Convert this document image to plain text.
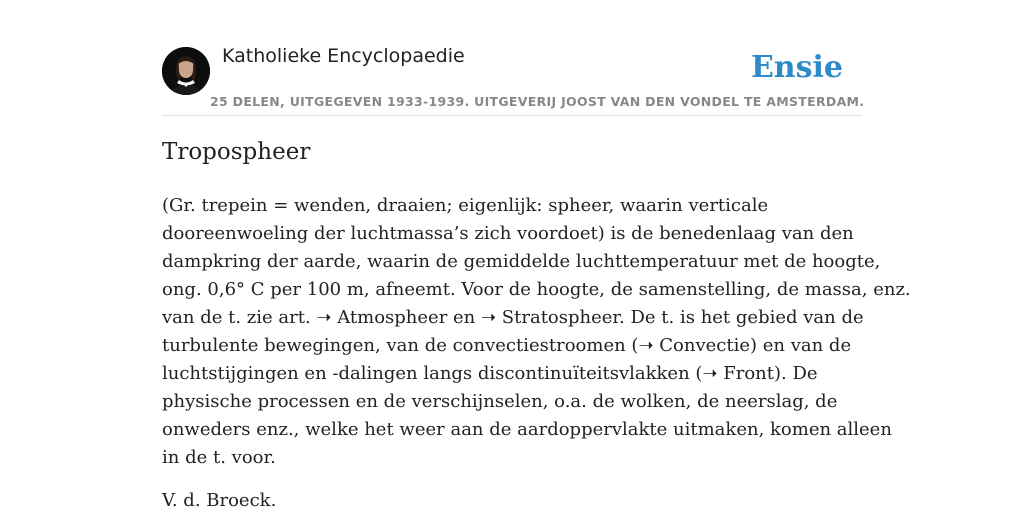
Katholieke Encyclopaedie	Ensie
25 DELEN, UITGEGEVEN 1933-1939. UITGEVERIJ JOOST VAN DEN VONDEL TE AMSTERDAM.
Tropospheer
(Gr. trepein = wenden, draaien; eigenlijk: spheer, waarin verticale
dooreenwoeling der luchtmassa’s zich voordoet) is de benedenlaag van den
dampkring der aarde, waarin de gemiddelde luchttemperatuur met de hoogte,
ong. 0,6° C per 100 m, afneemt. Voor de hoogte, de samenstelling, de massa, enz.
van de t. zie art. ➝ Atmospheer en ➝ Stratospheer. De t. is het gebied van de
turbulente bewegingen, van de convectiestroomen (➝ Convectie) en van de
luchtstijgingen en -dalingen langs discontinuïteitsvlakken (➝ Front). De
physische processen en de verschijnselen, o.a. de wolken, de neerslag, de
onweders enz., welke het weer aan de aardoppervlakte uitmaken, komen alleen
in de t. voor.
V. d. Broeck.
